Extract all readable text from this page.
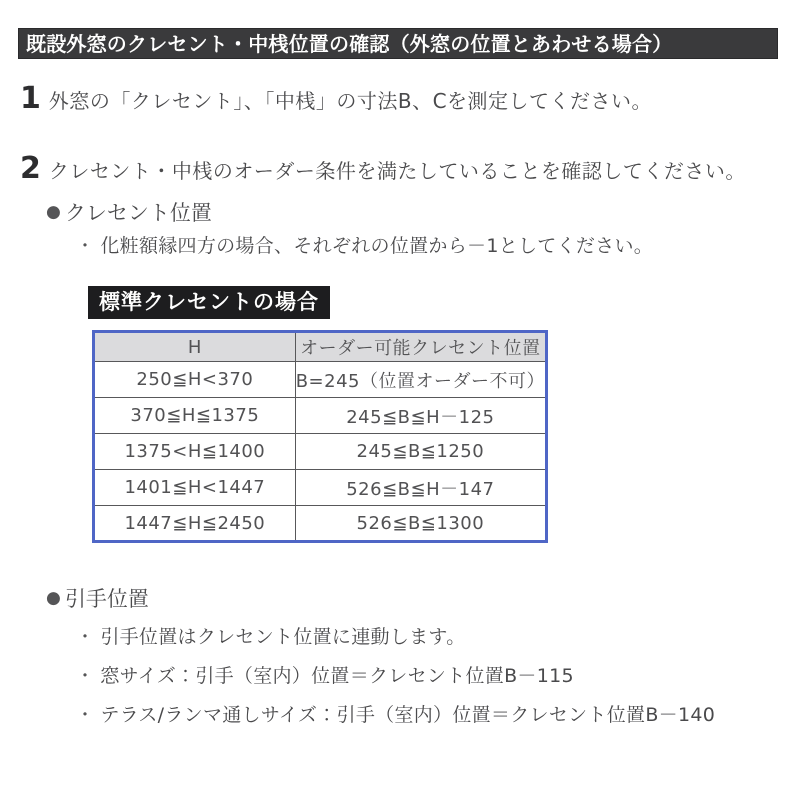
既設外窓のクレセント・中桟位置の確認（外窓の位置とあわせる場合）
1 外窓の「クレセント」、「中桟」の寸法B、Cを測定してください。
2 クレセント・中桟のオーダー条件を満たしていることを確認してください。
● クレセント位置
・ 化粧額縁四方の場合、それぞれの位置から－1としてください。
標準クレセントの場合
H	オーダー可能クレセント位置
250≦H<370	B=245（位置オーダー不可）
370≦H≦1375	245≦B≦H－125
1375<H≦1400	245≦B≦1250
1401≦H<1447	526≦B≦H－147
1447≦H≦2450	526≦B≦1300
● 引手位置
・ 引手位置はクレセント位置に連動します。
・ 窓サイズ：引手（室内）位置＝クレセント位置B－115
・ テラス/ランマ通しサイズ：引手（室内）位置＝クレセント位置B－140
